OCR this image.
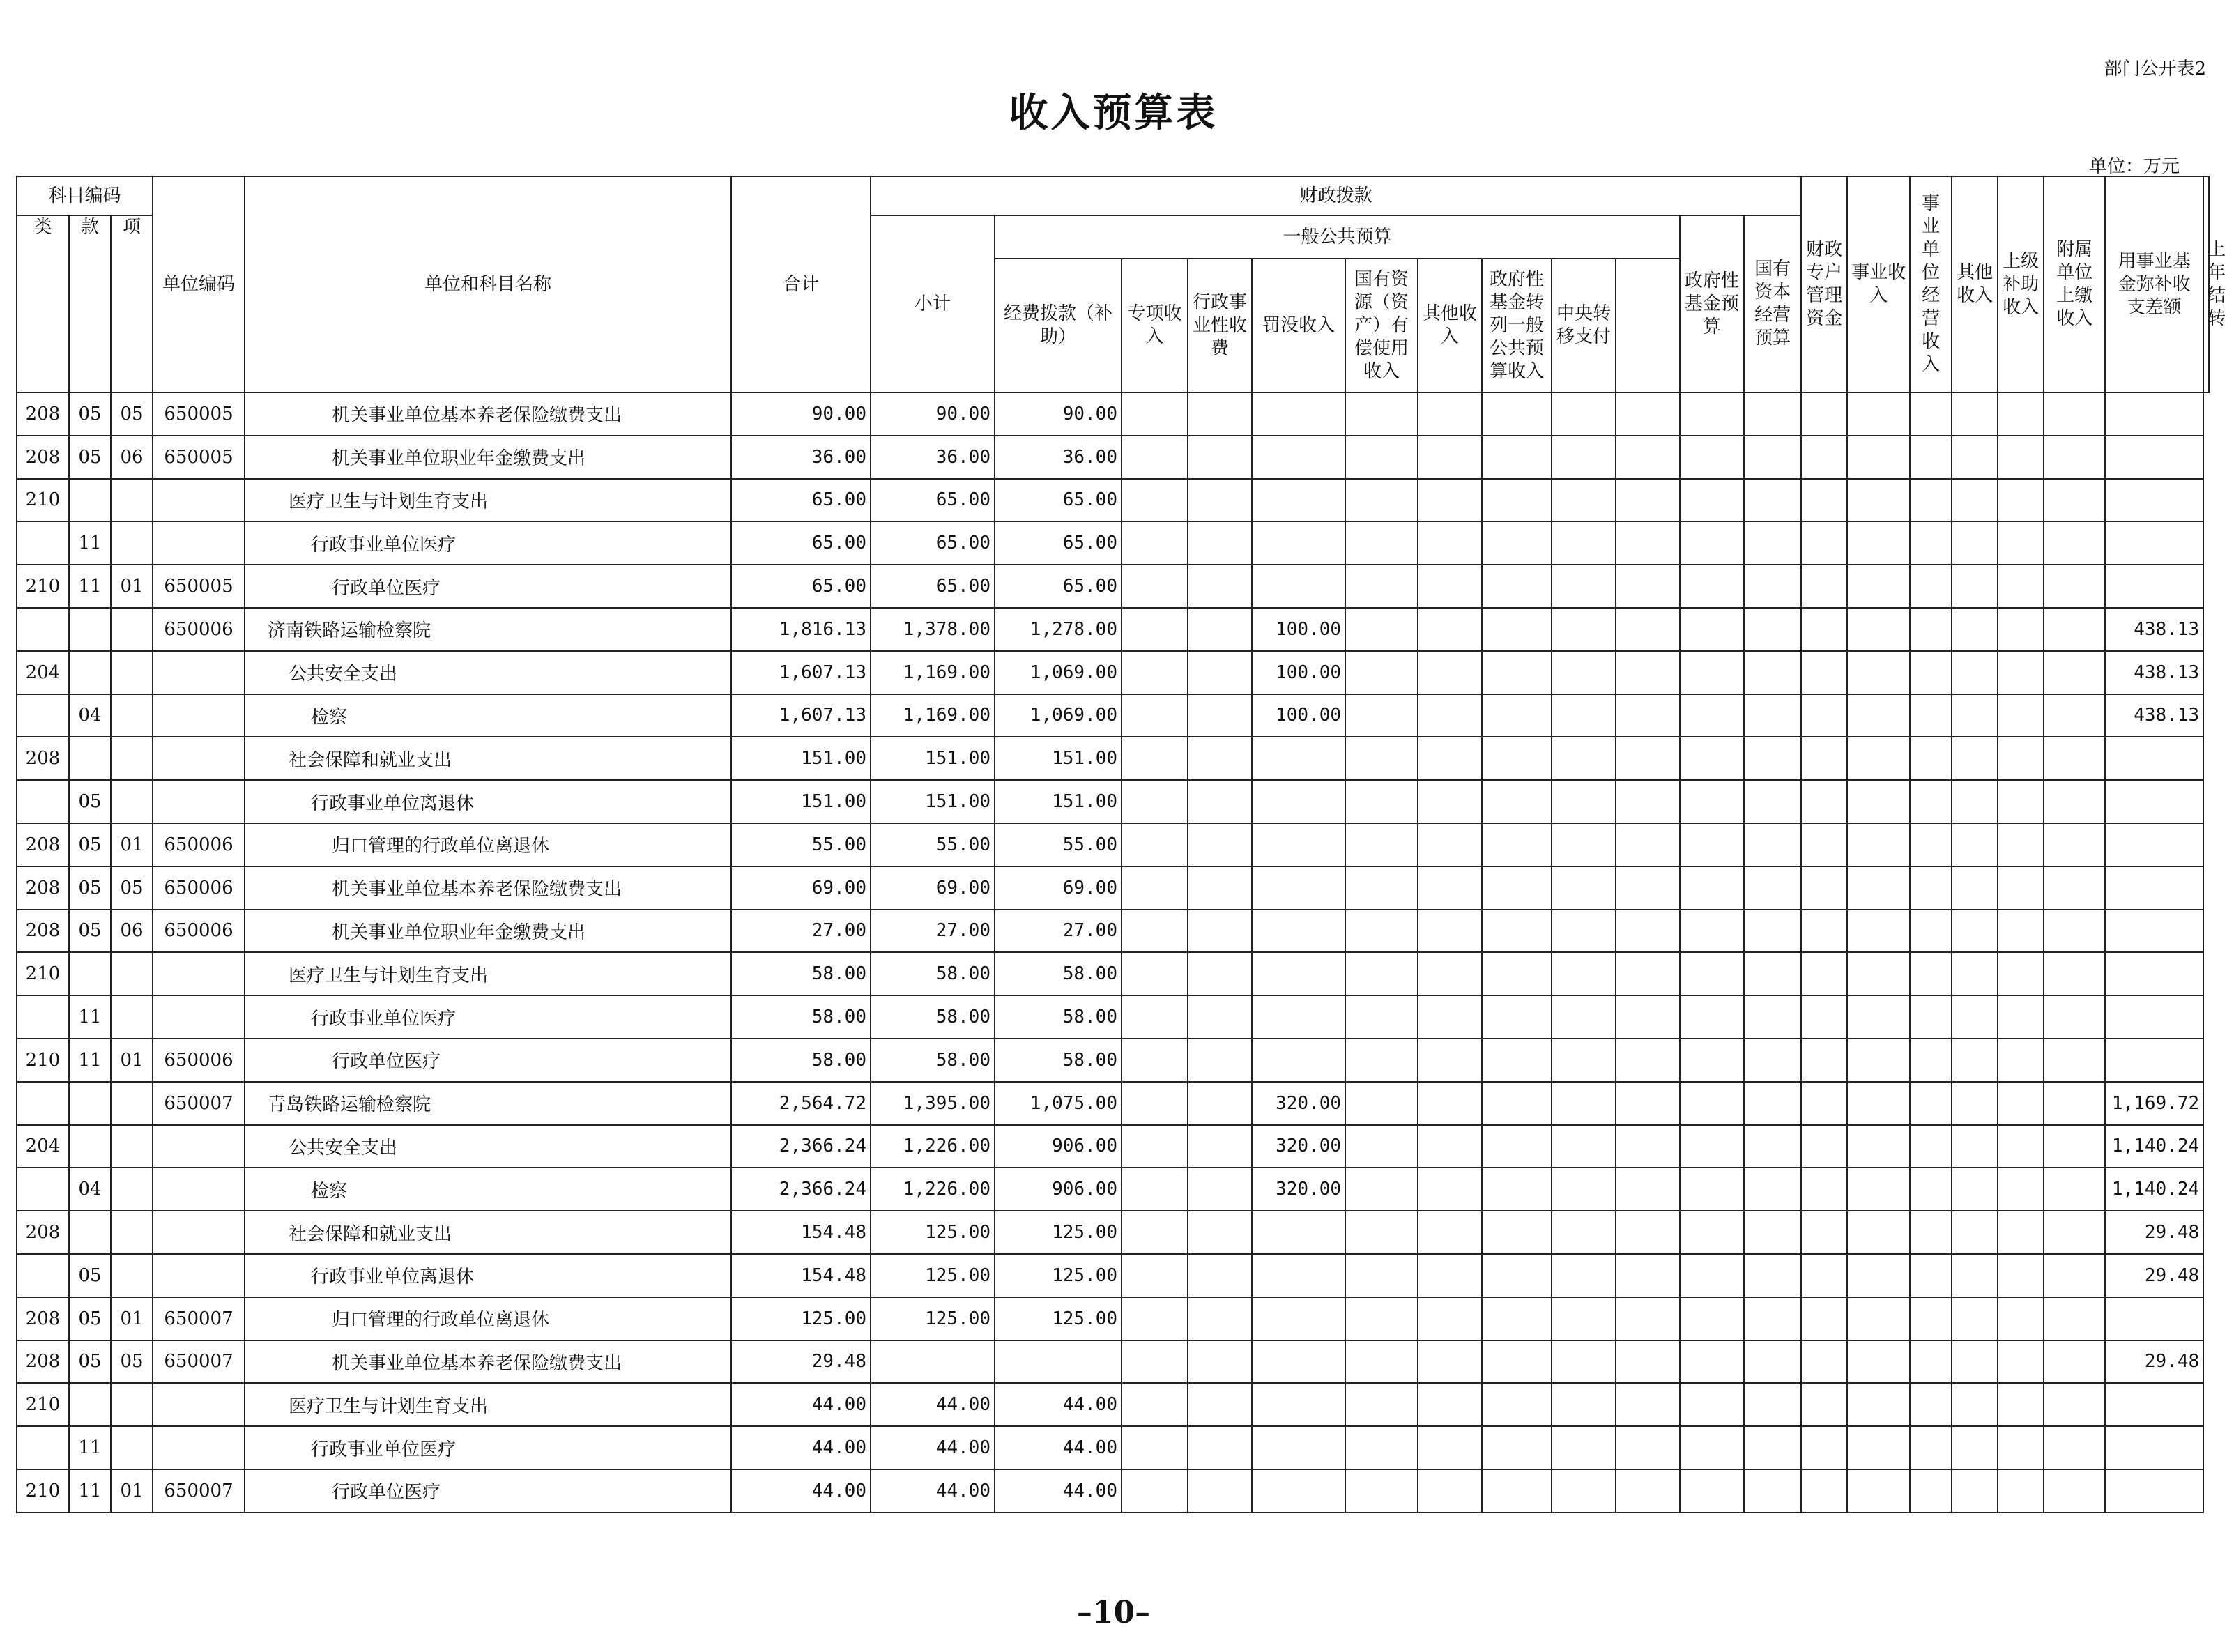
部门公开表2
收入预算表
单位：万元
科目编码			单位编码	单位和科目名称	合计	财政拨款												财政专户管理资金	事业收入	事业单位经营收入	其他收入	上级补助收入	附属单位上缴收入	用事业基金弥补收支差额	上年结转
类	款	项				小计	一般公共预算									政府性基金预算	国有资本经营预算								
							经费拨款（补助）	专项收入	行政事业性收费	罚没收入	国有资源（资产）有偿使用收入	其他收入	政府性基金转列一般公共预算收入	中央转移支付											
208	05	05	650005	机关事业单位基本养老保险缴费支出	90.00	90.00	90.00																		
208	05	06	650005	机关事业单位职业年金缴费支出	36.00	36.00	36.00																		
210				医疗卫生与计划生育支出	65.00	65.00	65.00																		
	11			行政事业单位医疗	65.00	65.00	65.00																		
210	11	01	650005	行政单位医疗	65.00	65.00	65.00																		
			650006	济南铁路运输检察院	1,816.13	1,378.00	1,278.00			100.00														438.13	
204				公共安全支出	1,607.13	1,169.00	1,069.00			100.00														438.13	
	04			检察	1,607.13	1,169.00	1,069.00			100.00														438.13	
208				社会保障和就业支出	151.00	151.00	151.00																		
	05			行政事业单位离退休	151.00	151.00	151.00																		
208	05	01	650006	归口管理的行政单位离退休	55.00	55.00	55.00																		
208	05	05	650006	机关事业单位基本养老保险缴费支出	69.00	69.00	69.00																		
208	05	06	650006	机关事业单位职业年金缴费支出	27.00	27.00	27.00																		
210				医疗卫生与计划生育支出	58.00	58.00	58.00																		
	11			行政事业单位医疗	58.00	58.00	58.00																		
210	11	01	650006	行政单位医疗	58.00	58.00	58.00																		
			650007	青岛铁路运输检察院	2,564.72	1,395.00	1,075.00			320.00														1,169.72	
204				公共安全支出	2,366.24	1,226.00	906.00			320.00														1,140.24	
	04			检察	2,366.24	1,226.00	906.00			320.00														1,140.24	
208				社会保障和就业支出	154.48	125.00	125.00																	29.48	
	05			行政事业单位离退休	154.48	125.00	125.00																	29.48	
208	05	01	650007	归口管理的行政单位离退休	125.00	125.00	125.00																		
208	05	05	650007	机关事业单位基本养老保险缴费支出	29.48																			29.48	
210				医疗卫生与计划生育支出	44.00	44.00	44.00																		
	11			行政事业单位医疗	44.00	44.00	44.00																		
210	11	01	650007	行政单位医疗	44.00	44.00	44.00																		
–10–
